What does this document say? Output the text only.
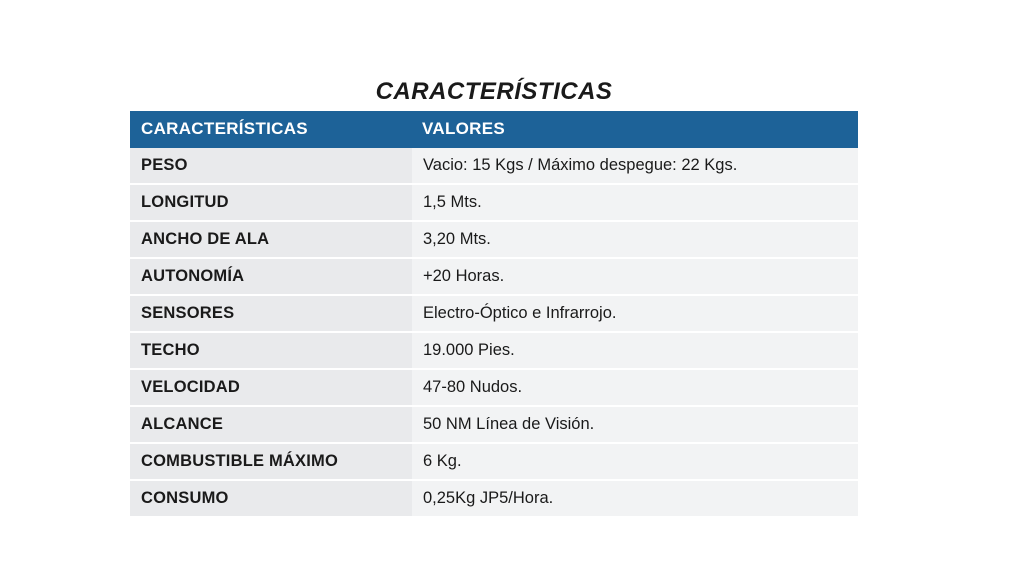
CARACTERÍSTICAS
CARACTERÍSTICAS	VALORES
PESO	Vacio: 15 Kgs / Máximo despegue: 22 Kgs.
LONGITUD	1,5 Mts.
ANCHO DE ALA	3,20 Mts.
AUTONOMÍA	+20 Horas.
SENSORES	Electro-Óptico e Infrarrojo.
TECHO	19.000 Pies.
VELOCIDAD	47-80 Nudos.
ALCANCE	50 NM Línea de Visión.
COMBUSTIBLE MÁXIMO	6 Kg.
CONSUMO	0,25Kg JP5/Hora.
